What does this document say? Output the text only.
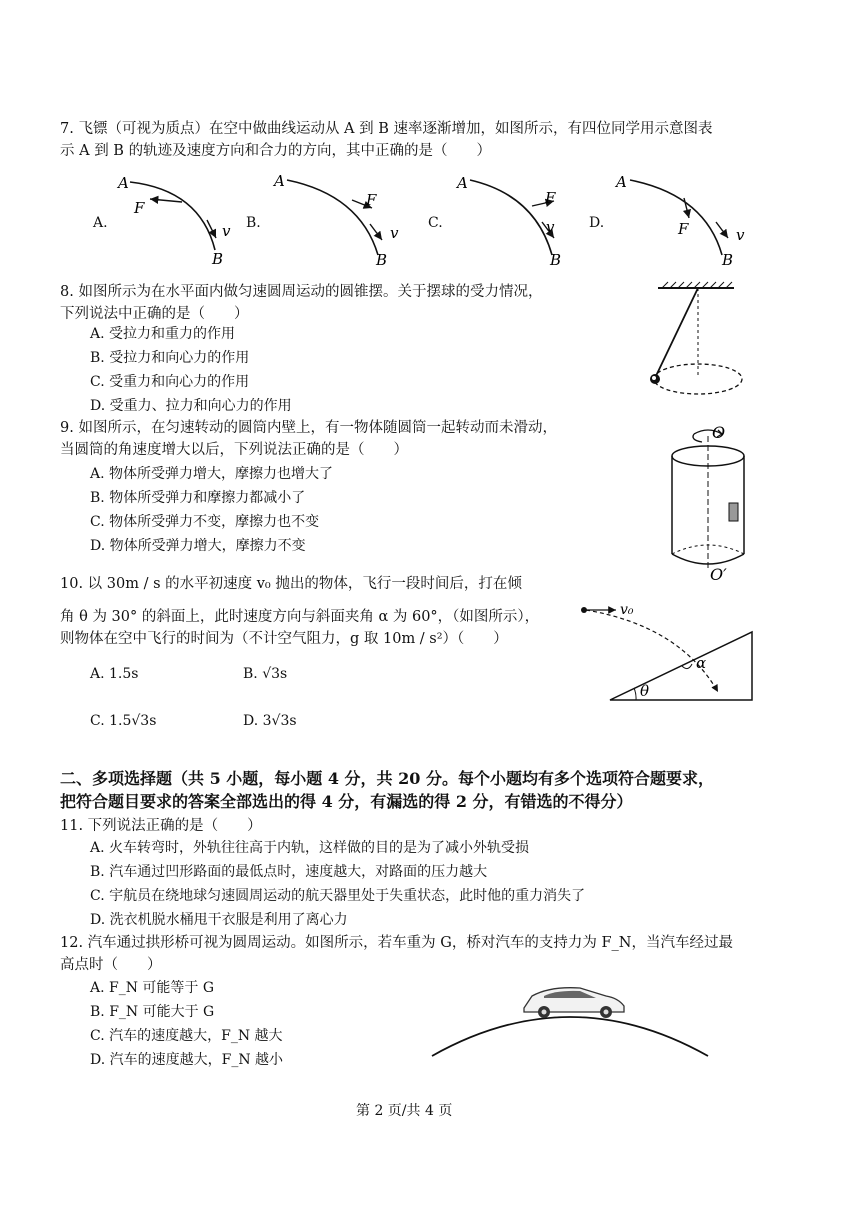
7. 飞镖（可视为质点）在空中做曲线运动从 A 到 B 速率逐渐增加，如图所示，有四位同学用示意图表
示 A 到 B 的轨迹及速度方向和合力的方向，其中正确的是（　　）
A.	B.	C.	D.
A
F
v
B
A
F
v
B
A
F
v
B
A
F	v
B
8. 如图所示为在水平面内做匀速圆周运动的圆锥摆。关于摆球的受力情况，
下列说法中正确的是（　　）
A. 受拉力和重力的作用
B. 受拉力和向心力的作用
C. 受重力和向心力的作用
D. 受重力、拉力和向心力的作用
9. 如图所示，在匀速转动的圆筒内壁上，有一物体随圆筒一起转动而未滑动，
当圆筒的角速度增大以后，下列说法正确的是（　　）
A. 物体所受弹力增大，摩擦力也增大了
B. 物体所受弹力和摩擦力都减小了
C. 物体所受弹力不变，摩擦力也不变
D. 物体所受弹力增大，摩擦力不变
O
O′
10. 以 30m / s 的水平初速度 v₀ 抛出的物体，飞行一段时间后，打在倾
角 θ 为 30° 的斜面上，此时速度方向与斜面夹角 α 为 60°，（如图所示），
则物体在空中飞行的时间为（不计空气阻力，g 取 10m / s²）（　　）
A. 1.5s	B. √3s
C. 1.5√3s	D. 3√3s
v₀
α
θ
二、多项选择题（共 5 小题，每小题 4 分，共 20 分。每个小题均有多个选项符合题要求，
把符合题目要求的答案全部选出的得 4 分，有漏选的得 2 分，有错选的不得分）
11. 下列说法正确的是（　　）
A. 火车转弯时，外轨往往高于内轨，这样做的目的是为了减小外轨受损
B. 汽车通过凹形路面的最低点时，速度越大，对路面的压力越大
C. 宇航员在绕地球匀速圆周运动的航天器里处于失重状态，此时他的重力消失了
D. 洗衣机脱水桶甩干衣服是利用了离心力
12. 汽车通过拱形桥可视为圆周运动。如图所示，若车重为 G，桥对汽车的支持力为 F_N，当汽车经过最
高点时（　　）
A. F_N 可能等于 G
B. F_N 可能大于 G
C. 汽车的速度越大，F_N 越大
D. 汽车的速度越大，F_N 越小
第 2 页/共 4 页
